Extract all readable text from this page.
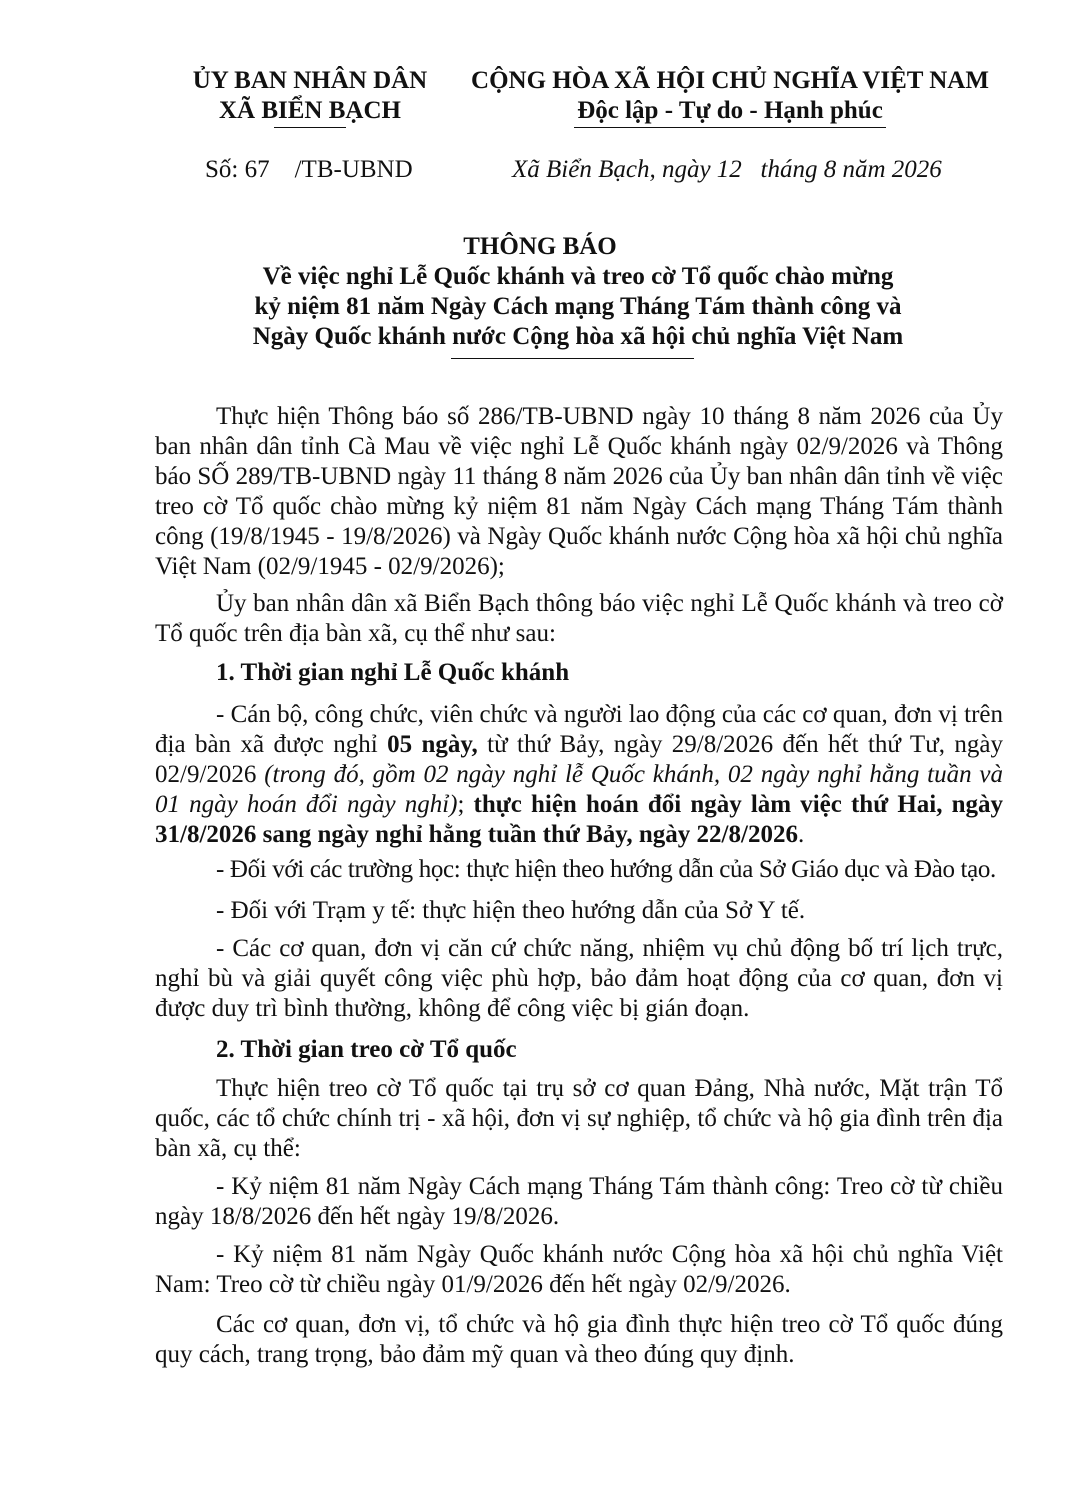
ỦY BAN NHÂN DÂN
XÃ BIỂN BẠCH
CỘNG HÒA XÃ HỘI CHỦ NGHĨA VIỆT NAM
Độc lập - Tự do - Hạnh phúc
Số: 67    /TB-UBND	Xã Biển Bạch, ngày 12   tháng 8 năm 2026
THÔNG BÁO
Về việc nghỉ Lễ Quốc khánh và treo cờ Tổ quốc chào mừng
kỷ niệm 81 năm Ngày Cách mạng Tháng Tám thành công và
Ngày Quốc khánh nước Cộng hòa xã hội chủ nghĩa Việt Nam
Thực hiện Thông báo số 286/TB-UBND ngày 10 tháng 8 năm 2026 của Ủy ban nhân dân tỉnh Cà Mau về việc nghỉ Lễ Quốc khánh ngày 02/9/2026 và Thông báo SỐ 289/TB-UBND ngày 11 tháng 8 năm 2026 của Ủy ban nhân dân tỉnh về việc treo cờ Tổ quốc chào mừng kỷ niệm 81 năm Ngày Cách mạng Tháng Tám thành công (19/8/1945 - 19/8/2026) và Ngày Quốc khánh nước Cộng hòa xã hội chủ nghĩa Việt Nam (02/9/1945 - 02/9/2026);
Ủy ban nhân dân xã Biển Bạch thông báo việc nghỉ Lễ Quốc khánh và treo cờ Tổ quốc trên địa bàn xã, cụ thể như sau:
1. Thời gian nghỉ Lễ Quốc khánh
- Cán bộ, công chức, viên chức và người lao động của các cơ quan, đơn vị trên địa bàn xã được nghỉ 05 ngày, từ thứ Bảy, ngày 29/8/2026 đến hết thứ Tư, ngày 02/9/2026 (trong đó, gồm 02 ngày nghỉ lễ Quốc khánh, 02 ngày nghỉ hằng tuần và 01 ngày hoán đổi ngày nghỉ); thực hiện hoán đổi ngày làm việc thứ Hai, ngày 31/8/2026 sang ngày nghỉ hằng tuần thứ Bảy, ngày 22/8/2026.
- Đối với các trường học: thực hiện theo hướng dẫn của Sở Giáo dục và Đào tạo.
- Đối với Trạm y tế: thực hiện theo hướng dẫn của Sở Y tế.
- Các cơ quan, đơn vị căn cứ chức năng, nhiệm vụ chủ động bố trí lịch trực, nghỉ bù và giải quyết công việc phù hợp, bảo đảm hoạt động của cơ quan, đơn vị được duy trì bình thường, không để công việc bị gián đoạn.
2. Thời gian treo cờ Tổ quốc
Thực hiện treo cờ Tổ quốc tại trụ sở cơ quan Đảng, Nhà nước, Mặt trận Tổ quốc, các tổ chức chính trị - xã hội, đơn vị sự nghiệp, tổ chức và hộ gia đình trên địa bàn xã, cụ thể:
- Kỷ niệm 81 năm Ngày Cách mạng Tháng Tám thành công: Treo cờ từ chiều ngày 18/8/2026 đến hết ngày 19/8/2026.
- Kỷ niệm 81 năm Ngày Quốc khánh nước Cộng hòa xã hội chủ nghĩa Việt Nam: Treo cờ từ chiều ngày 01/9/2026 đến hết ngày 02/9/2026.
Các cơ quan, đơn vị, tổ chức và hộ gia đình thực hiện treo cờ Tổ quốc đúng quy cách, trang trọng, bảo đảm mỹ quan và theo đúng quy định.
